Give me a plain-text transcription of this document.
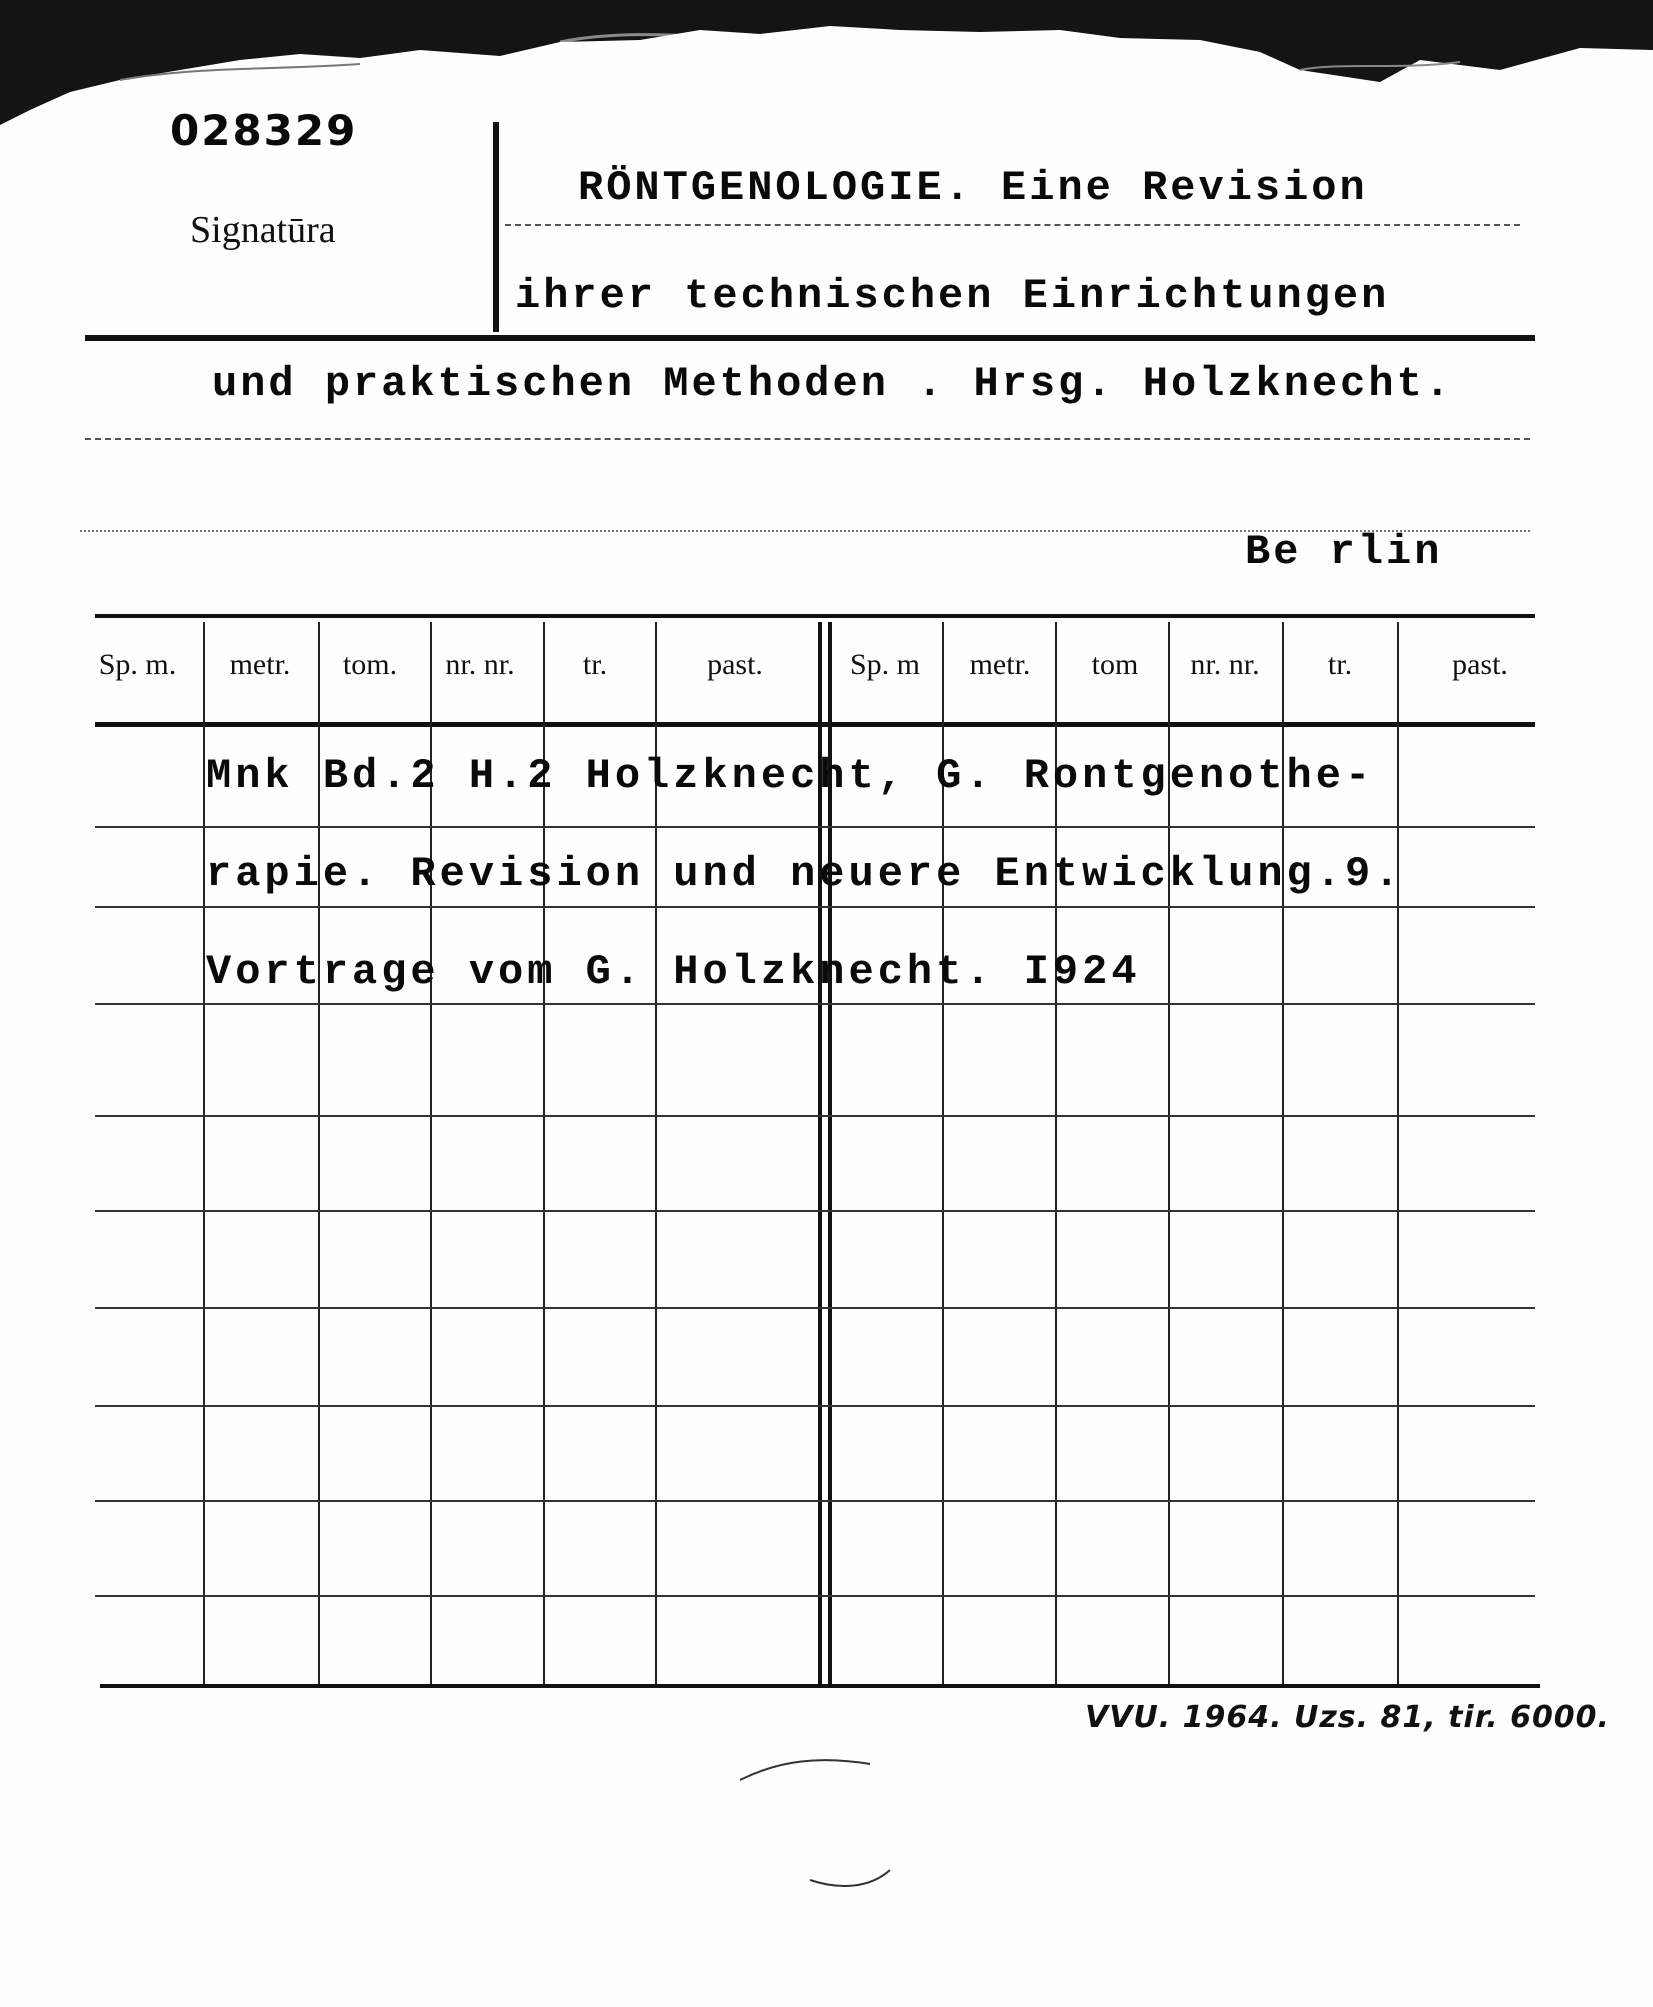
028329
Signatūra
RÖNTGENOLOGIE. Eine Revision
ihrer technischen Einrichtungen
und praktischen Methoden . Hrsg. Holzknecht.
Be rlin
Sp. m.	metr.	tom.	nr. nr.	tr.	past.	Sp. m	metr.	tom	nr. nr.	tr.	past.
Mnk Bd.2 H.2 Holzknecht, G. Rontgenothe-
rapie. Revision und neuere Entwicklung.9.
Vortrage vom G. Holzknecht. I924
VVU. 1964. Uzs. 81, tir. 6000.
